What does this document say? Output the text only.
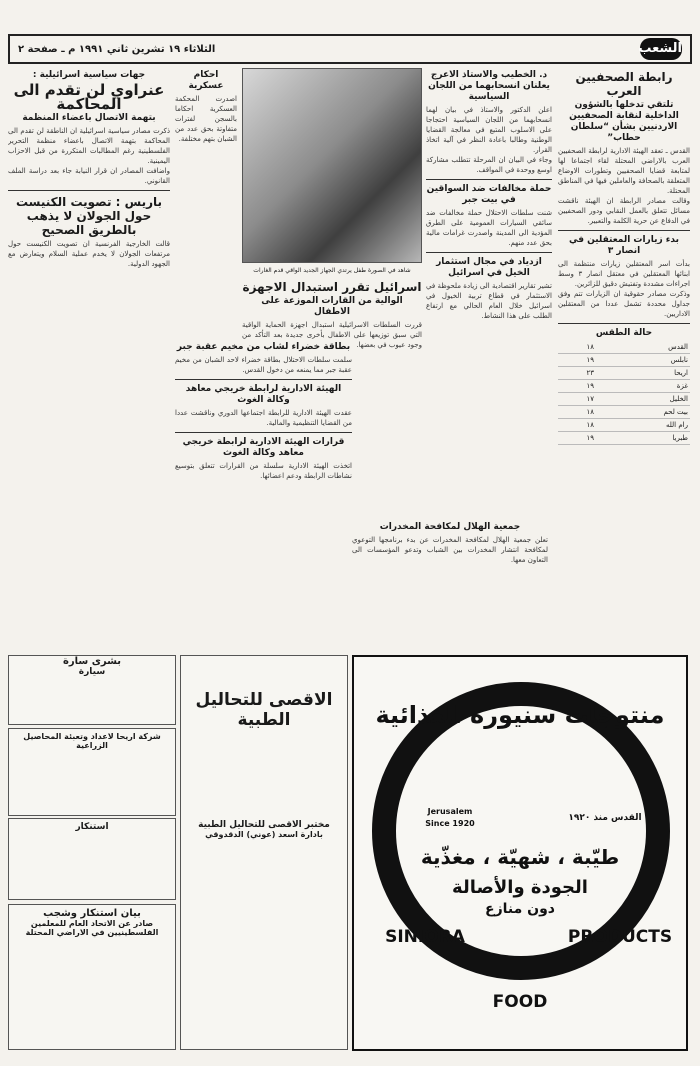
الشعب
الثلاثاء ١٩ تشرين ثاني ١٩٩١ م ـ صفحة ٢
رابطة الصحفيين العرب
تلتقي تدخلها بالشؤون الداخلية لنقابة الصحفيين الاردنيين بشأن “سلطان حطاب”

القدس ـ تعقد الهيئة الادارية لرابطة الصحفيين العرب بالاراضي المحتلة لقاء اجتماعا لها لمتابعة قضايا الصحفيين وتطورات الاوضاع المتعلقة بالصحافة والعاملين فيها في المناطق المحتلة.

وقالت مصادر الرابطة ان الهيئة ناقشت مسائل تتعلق بالعمل النقابي ودور الصحفيين في الدفاع عن حرية الكلمة والتعبير.

بدء زيارات المعتقلين في انصار ٣

بدأت اسر المعتقلين زيارات منتظمة الى ابنائها المعتقلين في معتقل انصار ٣ وسط اجراءات مشددة وتفتيش دقيق للزائرين.

وذكرت مصادر حقوقية ان الزيارات تتم وفق جداول محددة تشمل عددا من المعتقلين الاداريين.

حالة الطقس
القدس	١٨
نابلس	١٩
اريحا	٢٣
غزة	١٩
الخليل	١٧
بيت لحم	١٨
رام الله	١٨
طبريا	١٩
د. الخطيب والاستاذ الاعرج يعلنان انسحابهما من اللجان السياسية

اعلن الدكتور والاستاذ في بيان لهما انسحابهما من اللجان السياسية احتجاجا على الاسلوب المتبع في معالجة القضايا الوطنية وطالبا باعادة النظر في آلية اتخاذ القرار.

وجاء في البيان ان المرحلة تتطلب مشاركة اوسع ووحدة في المواقف.

حملة مخالفات ضد السواقين في بيت جبر

شنت سلطات الاحتلال حملة مخالفات ضد سائقي السيارات العمومية على الطرق المؤدية الى المدينة واصدرت غرامات مالية بحق عدد منهم.

ازدياد في مجال استثمار الخيل في اسرائيل

تشير تقارير اقتصادية الى زيادة ملحوظة في الاستثمار في قطاع تربية الخيول في اسرائيل خلال العام الحالي مع ارتفاع الطلب على هذا النشاط.

شاهد في الصورة طفل يرتدي الجهاز الجديد الواقي قدم الغارات
اسرائيل تقرر استبدال الاجهزة
الوالية من القارات الموزعة على الاطفال

قررت السلطات الاسرائيلية استبدال اجهزة الحماية الواقية التي سبق توزيعها على الاطفال بأخرى جديدة بعد التأكد من وجود عيوب في بعضها.

احكام عسكرية

اصدرت المحكمة العسكرية احكاما بالسجن لفترات متفاوتة بحق عدد من الشبان بتهم مختلفة.

بطاقة خضراء لشاب من مخيم عقبة جبر

سلمت سلطات الاحتلال بطاقة خضراء لاحد الشبان من مخيم عقبة جبر مما يمنعه من دخول القدس.

الهيئة الادارية لرابطة خريجي معاهد وكالة الغوث

عقدت الهيئة الادارية للرابطة اجتماعها الدوري وناقشت عددا من القضايا التنظيمية والمالية.

قرارات الهيئة الادارية لرابطة خريجي معاهد وكالة الغوث

اتخذت الهيئة الادارية سلسلة من القرارات تتعلق بتوسيع نشاطات الرابطة ودعم اعضائها.

جمعية الهلال لمكافحة المخدرات

تعلن جمعية الهلال لمكافحة المخدرات عن بدء برنامجها التوعوي لمكافحة انتشار المخدرات بين الشباب وتدعو المؤسسات الى التعاون معها.

جهات سياسية اسرائيلية :
عنراوي لن تقدم الى المحاكمة
بتهمة الاتصال باعضاء المنظمة

ذكرت مصادر سياسية اسرائيلية ان الناطقة لن تقدم الى المحاكمة بتهمة الاتصال باعضاء منظمة التحرير الفلسطينية رغم المطالبات المتكررة من قبل الاحزاب اليمينية.

واضافت المصادر ان قرار النيابة جاء بعد دراسة الملف القانوني.

باريس : تصويت الكنيست حول الجولان لا يذهب بالطريق الصحيح

قالت الخارجية الفرنسية ان تصويت الكنيست حول مرتفعات الجولان لا يخدم عملية السلام ويتعارض مع الجهود الدولية.

بشرى سارة
سيارة
شركة اريحا لاعداد وتعبئة المحاصيل الزراعية
استنكار
بيان استنكار وشجب
صادر عن الاتحاد العام للمعلمين الفلسطينيين في الاراضي المحتلة
الاقصى للتحاليل الطبية
مختبر الاقصى للتحاليل الطبية
بادارة اسعد (عوني) الدقدوقي
منتوجات سنيوره الغذائية
Jerusalem
Since 1920
القدس منذ ١٩٢٠
طيّبة ، شهيّة ، مغذّية
الجودة والأصالة
دون منازع
SINIORA
FOOD
PRODUCTS
